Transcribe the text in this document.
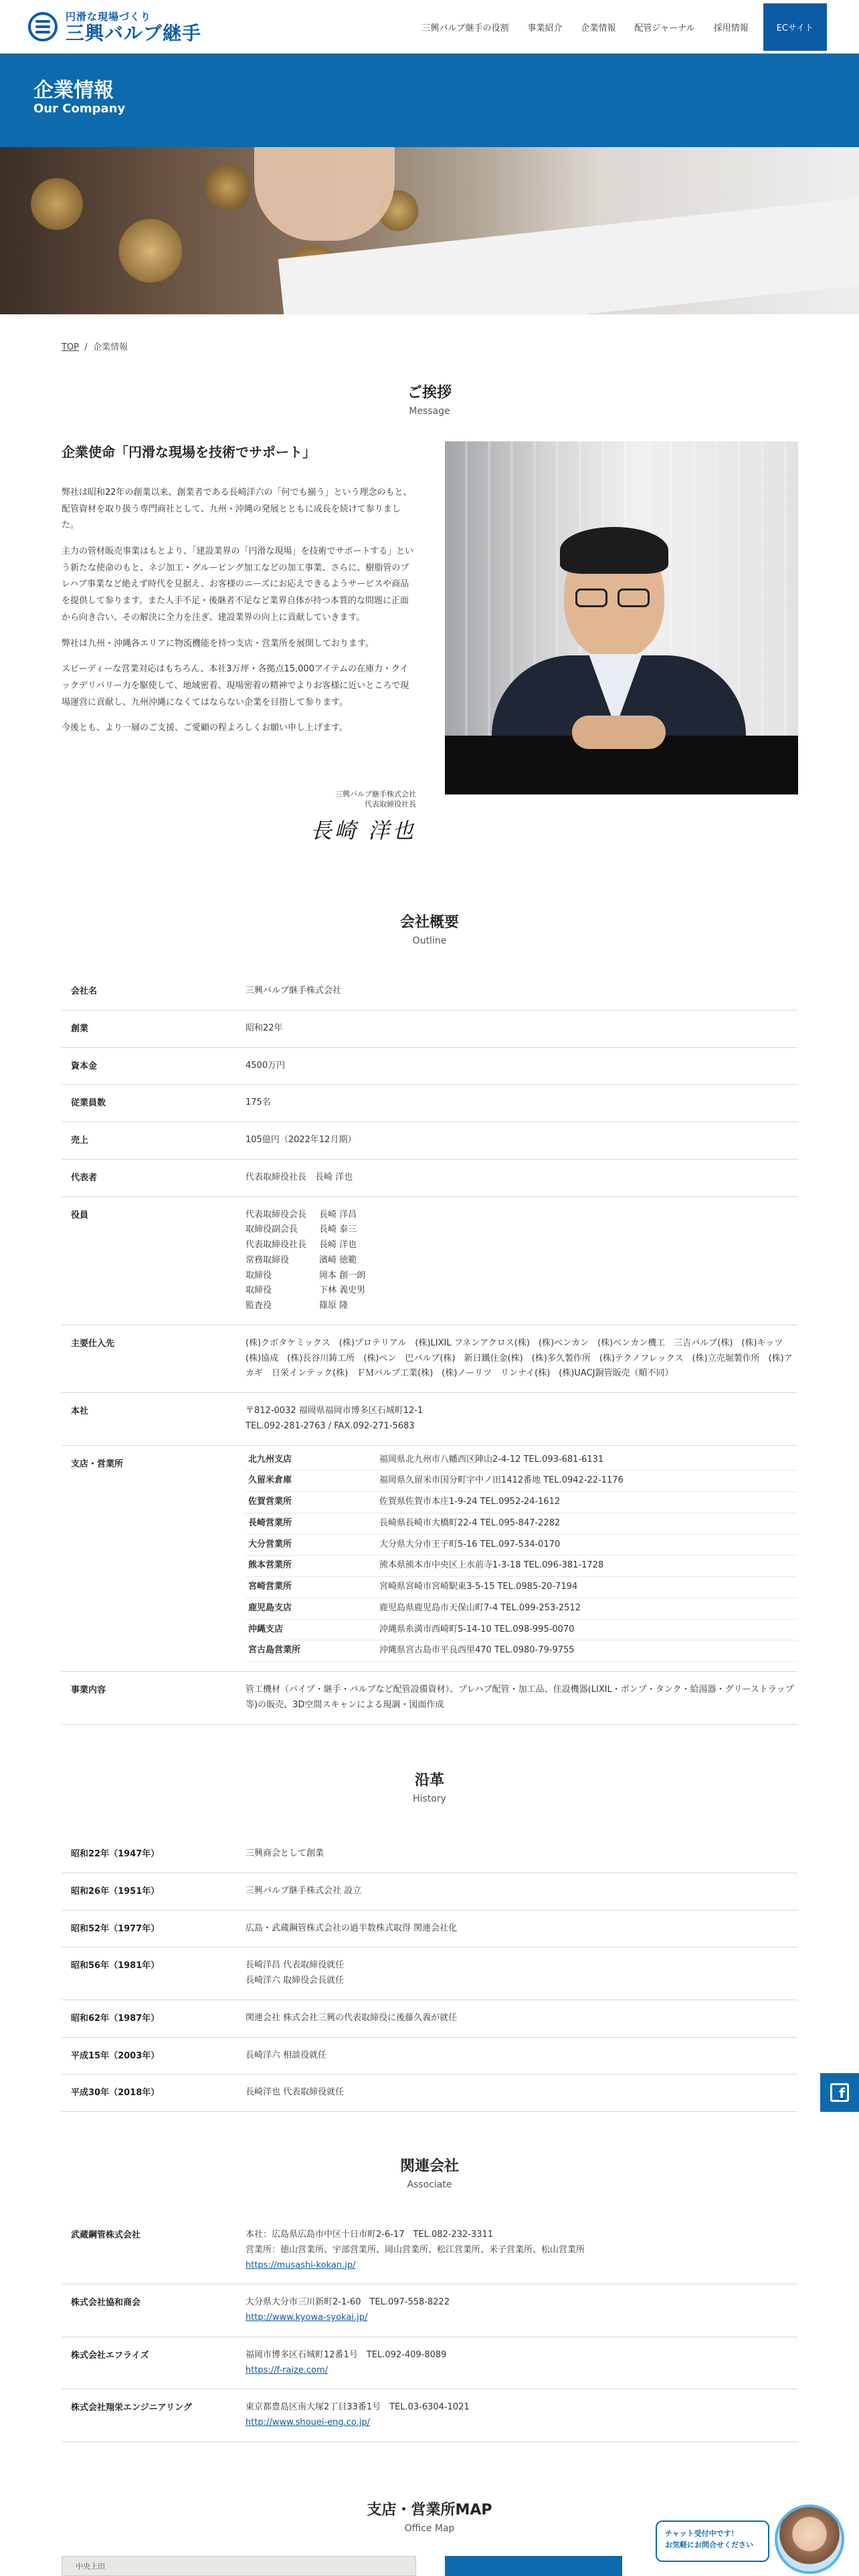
円滑な現場づくり
三興バルブ継手	三興バルブ継手の役割 事業紹介 企業情報 配管ジャーナル 採用情報	ECサイト
企業情報
Our Company
TOP / 企業情報
ご挨拶
Message
企業使命「円滑な現場を技術でサポート」

弊社は昭和22年の創業以来、創業者である長崎洋六の「何でも揃う」という理念のもと、配管資材を取り扱う専門商社として、九州・沖縄の発展とともに成長を続けて参りました。

主力の管材販売事業はもとより、「建設業界の「円滑な現場」を技術でサポートする」という新たな使命のもと、ネジ加工・グルーピング加工などの加工事業、さらに、樹脂管のプレハブ事業など絶えず時代を見据え、お客様のニーズにお応えできるようサービスや商品を提供して参ります。また人手不足・後継者不足など業界自体が持つ本質的な問題に正面から向き合い、その解決に全力を注ぎ、建設業界の向上に貢献していきます。

弊社は九州・沖縄各エリアに物流機能を持つ支店・営業所を展開しております。

スピーディーな営業対応はもちろん、本社3万坪・各拠点15,000アイテムの在庫力・クイックデリバリー力を駆使して、地域密着、現場密着の精神でよりお客様に近いところで現場運営に貢献し、九州沖縄になくてはならない企業を目指して参ります。

今後とも、より一層のご支援、ご愛顧の程よろしくお願い申し上げます。

三興バルブ継手株式会社
代表取締役社長
長崎 洋也
会社概要
Outline
会社名	三興バルブ継手株式会社
創業	昭和22年
資本金	4500万円
従業員数	175名
売上	105億円（2022年12月期）
代表者	代表取締役社長　長崎 洋也
役員	代表取締役会長	長崎 洋昌
取締役副会長	長崎 泰三
代表取締役社長	長崎 洋也
常務取締役	濱崎 徳範
取締役	岡本 創一朗
取締役	下林 義史男
監査役	篠原 隆
主要仕入先	(株)クボタケミックス　(株)プロテリアル　(株)LIXIL フネンアクロス(株)　(株)ベンカン　(株)ベンカン機工　三吉バルブ(株)　(株)キッツ　(株)協成　(株)長谷川鋳工所　(株)ベン　巴バルブ(株)　新日鐵住金(株)　(株)多久製作所　(株)テクノフレックス　(株)立売堀製作所　(株)アカギ　日栄インテック(株)　ＦＭバルブ工業(株)　(株)ノーリツ　リンナイ(株)　(株)UACJ銅管販売（順不同）
本社	〒812-0032 福岡県福岡市博多区石城町12-1
TEL.092-281-2763 / FAX.092-271-5683
支店・営業所	北九州支店	福岡県北九州市八幡西区陣山2-4-12 TEL.093-681-6131
久留米倉庫	福岡県久留米市国分町字中ノ田1412番地 TEL.0942-22-1176
佐賀営業所	佐賀県佐賀市本庄1-9-24 TEL.0952-24-1612
長崎営業所	長崎県長崎市大橋町22-4 TEL.095-847-2282
大分営業所	大分県大分市王子町5-16 TEL.097-534-0170
熊本営業所	熊本県熊本市中央区上水前寺1-3-18 TEL.096-381-1728
宮崎営業所	宮崎県宮崎市宮崎駅東3-5-15 TEL.0985-20-7194
鹿児島支店	鹿児島県鹿児島市天保山町7-4 TEL.099-253-2512
沖縄支店	沖縄県糸満市西崎町5-14-10 TEL.098-995-0070
宮古島営業所	沖縄県宮古島市平良西里470 TEL.0980-79-9755
事業内容	管工機材（パイプ・継手・バルブなど配管設備資材）、プレハブ配管・加工品、住設機器(LIXIL・ポンプ・タンク・給湯器・グリーストラップ等)の販売、3D空間スキャンによる現調・図面作成
沿革
History
昭和22年（1947年）	三興商会として創業
昭和26年（1951年）	三興バルブ継手株式会社 設立
昭和52年（1977年）	広島・武蔵鋼管株式会社の過半数株式取得 関連会社化
昭和56年（1981年）	長崎洋昌 代表取締役就任
長崎洋六 取締役会長就任
昭和62年（1987年）	関連会社 株式会社三興の代表取締役に後藤久義が就任
平成15年（2003年）	長崎洋六 相談役就任
平成30年（2018年）	長崎洋也 代表取締役就任	f
関連会社
Associate
武蔵鋼管株式会社	本社：広島県広島市中区十日市町2-6-17　TEL.082-232-3311
営業所：徳山営業所、宇部営業所、岡山営業所、松江営業所、米子営業所、松山営業所
https://musashi-kokan.jp/
株式会社協和商会	大分県大分市三川新町2-1-60　TEL.097-558-8222
http://www.kyowa-syokai.jp/
株式会社エフライズ	福岡市博多区石城町12番1号　TEL.092-409-8089
https://f-raize.com/
株式会社翔栄エンジニアリング	東京都豊島区南大塚2丁目33番1号　TEL.03-6304-1021
http://www.shouei-eng.co.jp/
支店・営業所MAP
Office Map
中央上田
チャット受付中です！
お気軽にお問合せください
